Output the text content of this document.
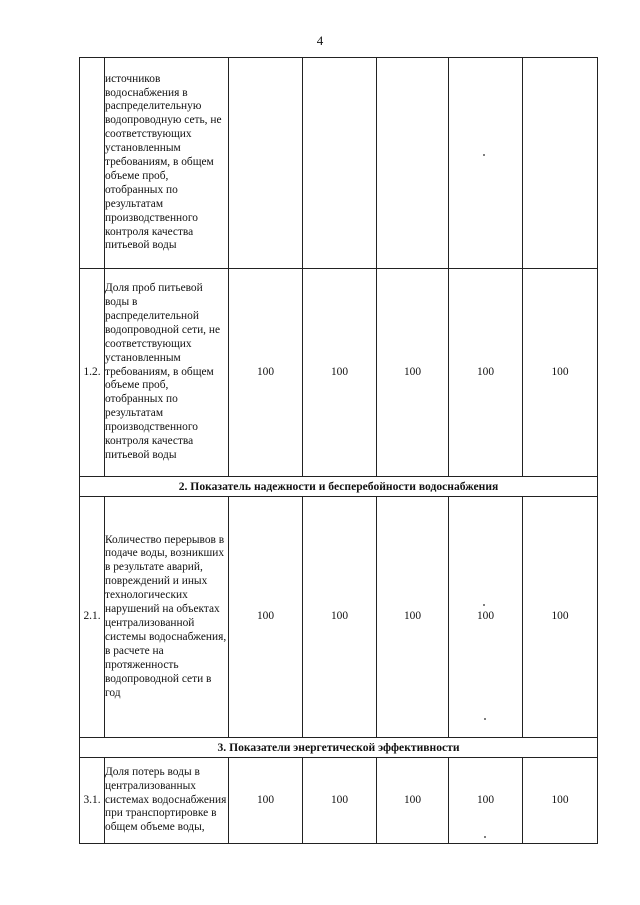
4
	источников водоснабжения в распределительную водопроводную сеть, не соответствующих установленным требованиям, в общем объеме проб, отобранных по результатам производственного контроля качества питьевой воды					
1.2.	Доля проб питьевой воды в распределительной водопроводной сети, не соответствующих установленным требованиям, в общем объеме проб, отобранных по результатам производственного контроля качества питьевой воды	100	100	100	100	100
2. Показатель надежности и бесперебойности водоснабжения						
2.1.	Количество перерывов в подаче воды, возникших в результате аварий, повреждений и иных технологических нарушений на объектах централизованной системы водоснабжения, в расчете на протяженность водопроводной сети в год	100	100	100	100	100
3. Показатели энергетической эффективности						
3.1.	Доля потерь воды в централизованных системах водоснабжения при транспортировке в общем объеме воды,	100	100	100	100	100
